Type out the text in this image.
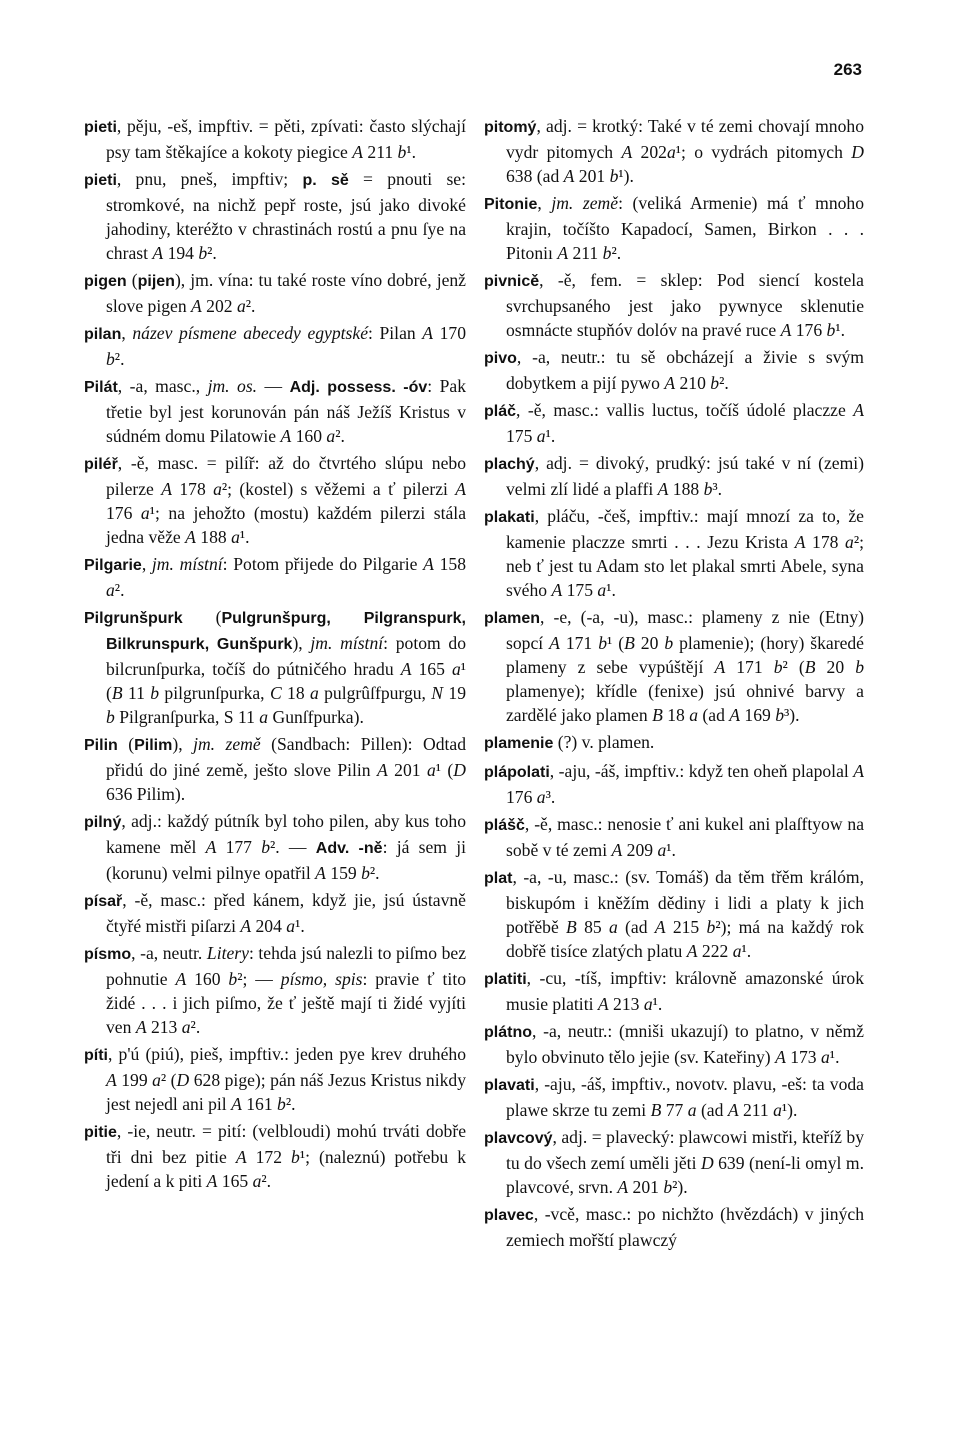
263

pieti, pěju, -eš, impftiv. = pěti, zpívati: často slýchají psy tam štěkajíce a kokoty piegice A 211 b¹.

pieti, pnu, pneš, impftiv; p. sě = pnouti se: stromkové, na nichž pepř roste, jsú jako divoké jahodiny, kteréžto v chrastinách rostú a pnu ſye na chrast A 194 b².

pigen (pijen), jm. vína: tu také roste víno dobré, jenž slove pigen A 202 a².

pilan, název písmene abecedy egyptské: Pilan A 170 b².

Pilát, -a, masc., jm. os. — Adj. possess. -óv: Pak třetie byl jest korunován pán náš Ježíš Kristus v súdném domu Pilatowie A 160 a².

piléř, -ě, masc. = pilíř: až do čtvrtého slúpu nebo pilerze A 178 a²; (kostel) s věžemi a ť pilerzi A 176 a¹; na jehožto (mostu) každém pilerzi stála jedna věže A 188 a¹.

Pilgarie, jm. místní: Potom přijede do Pilgarie A 158 a².

Pilgrunšpurk (Pulgrunšpurg, Pilgranspurk, Bilkrunspurk, Gunšpurk), jm. místní: potom do bilcrunſpurka, točíš do pútničého hradu A 165 a¹ (B 11 b pilgrunſpurka, C 18 a pulgrûſfpurgu, N 19 b Pilgranſpurka, S 11 a Gunſfpurka).

Pilin (Pilim), jm. země (Sandbach: Pillen): Odtad přidú do jiné země, ješto slove Pilin A 201 a¹ (D 636 Pilim).

pilný, adj.: každý pútník byl toho pilen, aby kus toho kamene měl A 177 b². — Adv. -ně: já sem ji (korunu) velmi pilnye opatřil A 159 b².

písař, -ě, masc.: před kánem, když jie, jsú ústavně čtyřé mistři piſarzi A 204 a¹.

písmo, -a, neutr. Litery: tehda jsú nalezli to piſmo bez pohnutie A 160 b²; — písmo, spis: pravie ť tito židé . . . i jich piſmo, že ť ještě mají ti židé vyjíti ven A 213 a².

píti, p'ú (piú), pieš, impftiv.: jeden pye krev druhého A 199 a² (D 628 pige); pán náš Jezus Kristus nikdy jest nejedl ani pil A 161 b².

pitie, -ie, neutr. = pití: (velbloudi) mohú trváti dobře tři dni bez pitie A 172 b¹; (naleznú) potřebu k jedení a k piti A 165 a².

pitomý, adj. = krotký: Také v té zemi chovají mnoho vydr pitomych A 202a¹; o vydrách pitomych D 638 (ad A 201 b¹).

Pitonie, jm. země: (veliká Armenie) má ť mnoho krajin, točíšto Kapadocí, Samen, Birkon . . . Pitoniı A 211 b².

pivnicě, -ě, fem. = sklep: Pod siencí kostela svrchupsaného jest jako pywnyce sklenutie osmnácte stupňóv dolóv na pravé ruce A 176 b¹.

pivo, -a, neutr.: tu sě obcházejí a živie s svým dobytkem a pijí pywo A 210 b².

pláč, -ě, masc.: vallis luctus, točíš údolé placzze A 175 a¹.

plachý, adj. = divoký, prudký: jsú také v ní (zemi) velmi zlí lidé a plaffi A 188 b³.

plakati, pláču, -češ, impftiv.: mají mnozí za to, že kamenie placzze smrti . . . Jezu Krista A 178 a²; neb ť jest tu Adam sto let plakal smrti Abele, syna svého A 175 a¹.

plamen, -e, (-a, -u), masc.: plameny z nie (Etny) sopcí A 171 b¹ (B 20 b plamenie); (hory) škaredé plameny z sebe vypúštějí A 171 b² (B 20 b plamenye); křídle (fenixe) jsú ohnivé barvy a zardělé jako plamen B 18 a (ad A 169 b³).

plamenie (?) v. plamen.

plápolati, -aju, -áš, impftiv.: když ten oheň plapolal A 176 a³.

plášč, -ě, masc.: nenosie ť ani kukel ani plaſftyow na sobě v té zemi A 209 a¹.

plat, -a, -u, masc.: (sv. Tomáš) da těm třěm králóm, biskupóm i kněžím dědiny i lidi a platy k jich potřěbě B 85 a (ad A 215 b²); má na každý rok dobřě tisíce zlatých platu A 222 a¹.

platiti, -cu, -tíš, impftiv: královně amazonské úrok musie platiti A 213 a¹.

plátno, -a, neutr.: (mniši ukazují) to platno, v němž bylo obvinuto tělo jejie (sv. Kateřiny) A 173 a¹.

plavati, -aju, -áš, impftiv., novotv. plavu, -eš: ta voda plawe skrze tu zemi B 77 a (ad A 211 a¹).

plavcový, adj. = plavecký: plawcowi mistři, kteříž by tu do všech zemí uměli jěti D 639 (není-li omyl m. plavcové, srvn. A 201 b²).

plavec, -vcě, masc.: po nichžto (hvězdách) v jiných zemiech mořští plawczý
